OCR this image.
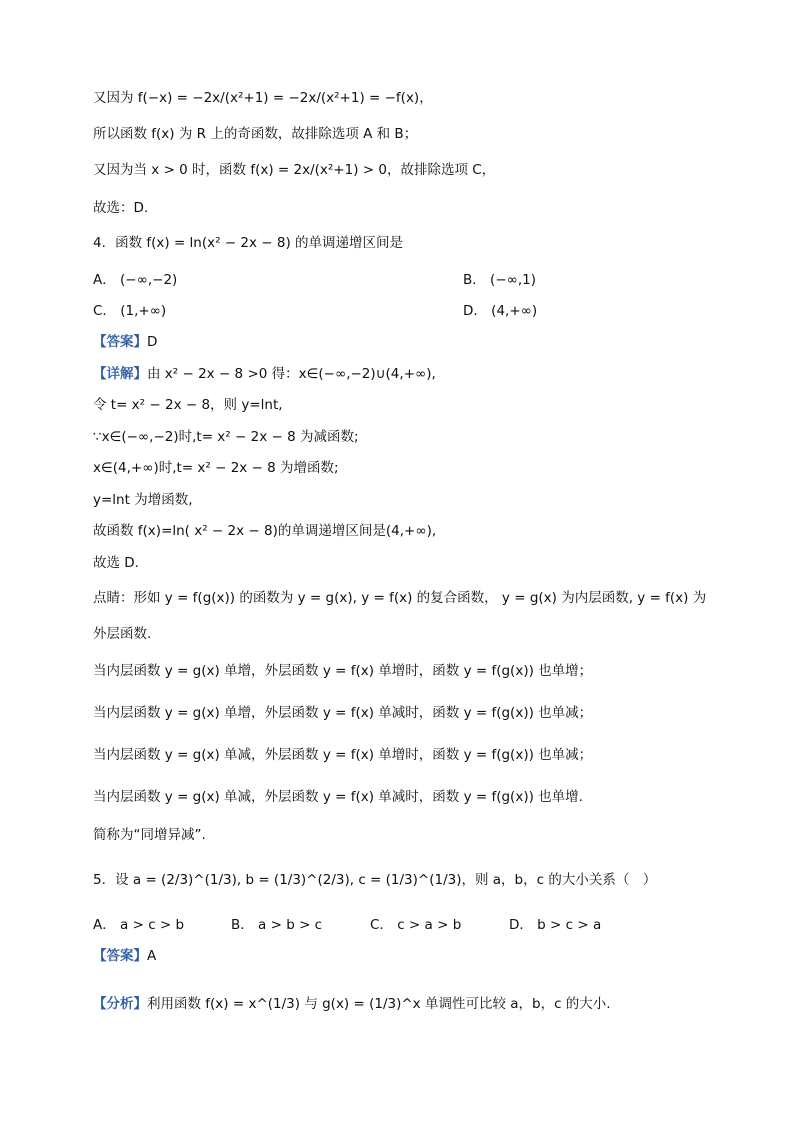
又因为 f(−x) = −2x/(x²+1) = −2x/(x²+1) = −f(x)，
所以函数 f(x) 为 R 上的奇函数，故排除选项 A 和 B；
又因为当 x > 0 时，函数 f(x) = 2x/(x²+1) > 0，故排除选项 C，
故选：D.
4．函数 f(x) = ln(x² − 2x − 8) 的单调递增区间是
A． (−∞,−2)	B． (−∞,1)
C． (1,+∞)	D． (4,+∞)
【答案】D
【详解】由 x² − 2x − 8 >0 得：x∈(−∞,−2)∪(4,+∞),
令 t= x² − 2x − 8，则 y=lnt,
∵x∈(−∞,−2)时,t= x² − 2x − 8 为减函数;
x∈(4,+∞)时,t= x² − 2x − 8 为增函数;
y=lnt 为增函数,
故函数 f(x)=ln( x² − 2x − 8)的单调递增区间是(4,+∞),
故选 D.
点睛：形如 y = f(g(x)) 的函数为 y = g(x), y = f(x) 的复合函数， y = g(x) 为内层函数, y = f(x) 为
外层函数.
当内层函数 y = g(x) 单增，外层函数 y = f(x) 单增时，函数 y = f(g(x)) 也单增；
当内层函数 y = g(x) 单增，外层函数 y = f(x) 单减时，函数 y = f(g(x)) 也单减；
当内层函数 y = g(x) 单减，外层函数 y = f(x) 单增时，函数 y = f(g(x)) 也单减；
当内层函数 y = g(x) 单减，外层函数 y = f(x) 单减时，函数 y = f(g(x)) 也单增.
简称为“同增异减”.
5．设 a = (2/3)^(1/3), b = (1/3)^(2/3), c = (1/3)^(1/3)，则 a，b，c 的大小关系（　）
A． a > c > b	B． a > b > c	C． c > a > b	D． b > c > a
【答案】A
【分析】利用函数 f(x) = x^(1/3) 与 g(x) = (1/3)^x 单调性可比较 a，b，c 的大小.
